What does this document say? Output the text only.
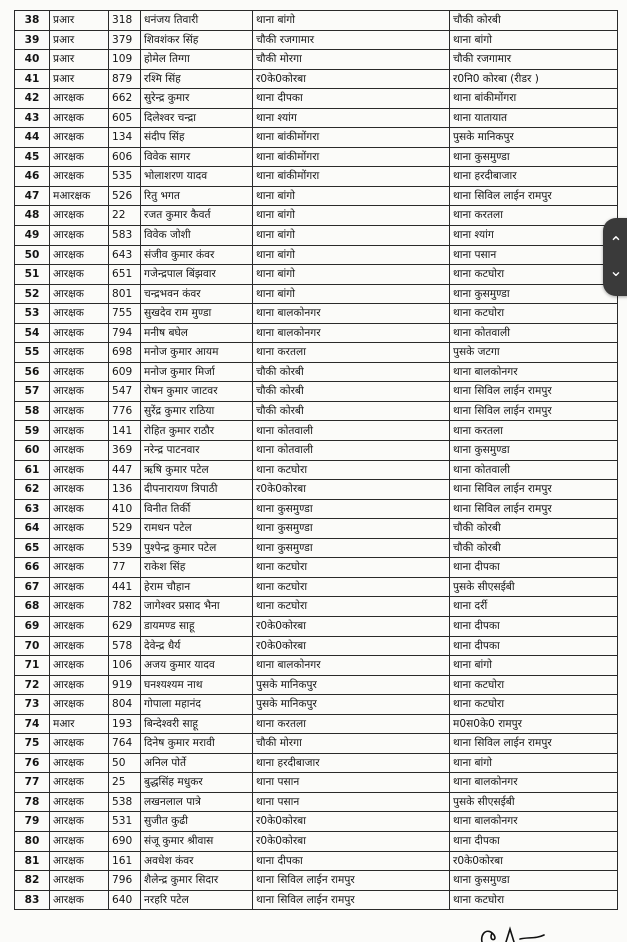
38	प्रआर	318	धनंजय तिवारी	थाना बांगो	चौकी कोरबी
39	प्रआर	379	शिवशंकर सिंह	चौकी रजगामार	थाना बांगो
40	प्रआर	109	होमेल तिग्गा	चौकी मोरगा	चौकी रजगामार
41	प्रआर	879	रश्मि सिंह	र0के0कोरबा	र0नि0 कोरबा (रीडर )
42	आरक्षक	662	सुरेन्द्र कुमार	थाना दीपका	थाना बांकीमोंगरा
43	आरक्षक	605	दिलेश्वर चन्द्रा	थाना श्यांग	थाना यातायात
44	आरक्षक	134	संदीप सिंह	थाना बांकीमोंगरा	पुसके मानिकपुर
45	आरक्षक	606	विवेक सागर	थाना बांकीमोंगरा	थाना कुसमुण्डा
46	आरक्षक	535	भोलाशरण यादव	थाना बांकीमोंगरा	थाना हरदीबाजार
47	मआरक्षक	526	रितु भगत	थाना बांगो	थाना सिविल लाईन रामपुर
48	आरक्षक	22	रजत कुमार कैवर्त	थाना बांगो	थाना करतला
49	आरक्षक	583	विवेक जोशी	थाना बांगो	थाना श्यांग
50	आरक्षक	643	संजीव कुमार कंवर	थाना बांगो	थाना पसान
51	आरक्षक	651	गजेन्द्रपाल बिंझवार	थाना बांगो	थाना कटघोरा
52	आरक्षक	801	चन्द्रभवन कंवर	थाना बांगो	थाना कुसमुण्डा
53	आरक्षक	755	सुखदेव राम मुण्डा	थाना बालकोनगर	थाना कटघोरा
54	आरक्षक	794	मनीष बघेल	थाना बालकोनगर	थाना कोतवाली
55	आरक्षक	698	मनोज कुमार आयम	थाना करतला	पुसके जटगा
56	आरक्षक	609	मनोज कुमार मिर्जा	चौकी कोरबी	थाना बालकोनगर
57	आरक्षक	547	रोषन कुमार जाटवर	चौकी कोरबी	थाना सिविल लाईन रामपुर
58	आरक्षक	776	सुरेंद्र कुमार राठिया	चौकी कोरबी	थाना सिविल लाईन रामपुर
59	आरक्षक	141	रोहित कुमार राठौर	थाना कोतवाली	थाना करतला
60	आरक्षक	369	नरेन्द्र पाटनवार	थाना कोतवाली	थाना कुसमुण्डा
61	आरक्षक	447	ऋषि कुमार पटेल	थाना कटघोरा	थाना कोतवाली
62	आरक्षक	136	दीपनारायण त्रिपाठी	र0के0कोरबा	थाना सिविल लाईन रामपुर
63	आरक्षक	410	विनीत तिर्की	थाना कुसमुण्डा	थाना सिविल लाईन रामपुर
64	आरक्षक	529	रामधन पटेल	थाना कुसमुण्डा	चौकी कोरबी
65	आरक्षक	539	पुश्पेन्द्र कुमार पटेल	थाना कुसमुण्डा	चौकी कोरबी
66	आरक्षक	77	राकेश सिंह	थाना कटघोरा	थाना दीपका
67	आरक्षक	441	हेराम चौहान	थाना कटघोरा	पुसके सीएसईबी
68	आरक्षक	782	जागेश्वर प्रसाद भैना	थाना कटघोरा	थाना दर्री
69	आरक्षक	629	डायमण्ड साहू	र0के0कोरबा	थाना दीपका
70	आरक्षक	578	देवेन्द्र धैर्य	र0के0कोरबा	थाना दीपका
71	आरक्षक	106	अजय कुमार यादव	थाना बालकोनगर	थाना बांगो
72	आरक्षक	919	घनश्यश्यम नाथ	पुसके मानिकपुर	थाना कटघोरा
73	आरक्षक	804	गोपाला महानंद	पुसके मानिकपुर	थाना कटघोरा
74	मआर	193	बिन्देश्वरी साहू	थाना करतला	म0स0के0 रामपुर
75	आरक्षक	764	दिनेष कुमार मरावी	चौकी मोरगा	थाना सिविल लाईन रामपुर
76	आरक्षक	50	अनिल पोर्ते	थाना हरदीबाजार	थाना बांगो
77	आरक्षक	25	बुद्धसिंह मधुकर	थाना पसान	थाना बालकोनगर
78	आरक्षक	538	लखनलाल पात्रे	थाना पसान	पुसके सीएसईबी
79	आरक्षक	531	सुजीत कुढी	र0के0कोरबा	थाना बालकोनगर
80	आरक्षक	690	संजू कुमार श्रीवास	र0के0कोरबा	थाना दीपका
81	आरक्षक	161	अवधेश कंवर	थाना दीपका	र0के0कोरबा
82	आरक्षक	796	शैलेन्द्र कुमार सिदार	थाना सिविल लाईन रामपुर	थाना कुसमुण्डा
83	आरक्षक	640	नरहरि पटेल	थाना सिविल लाईन रामपुर	थाना कटघोरा
⌃
⌄
